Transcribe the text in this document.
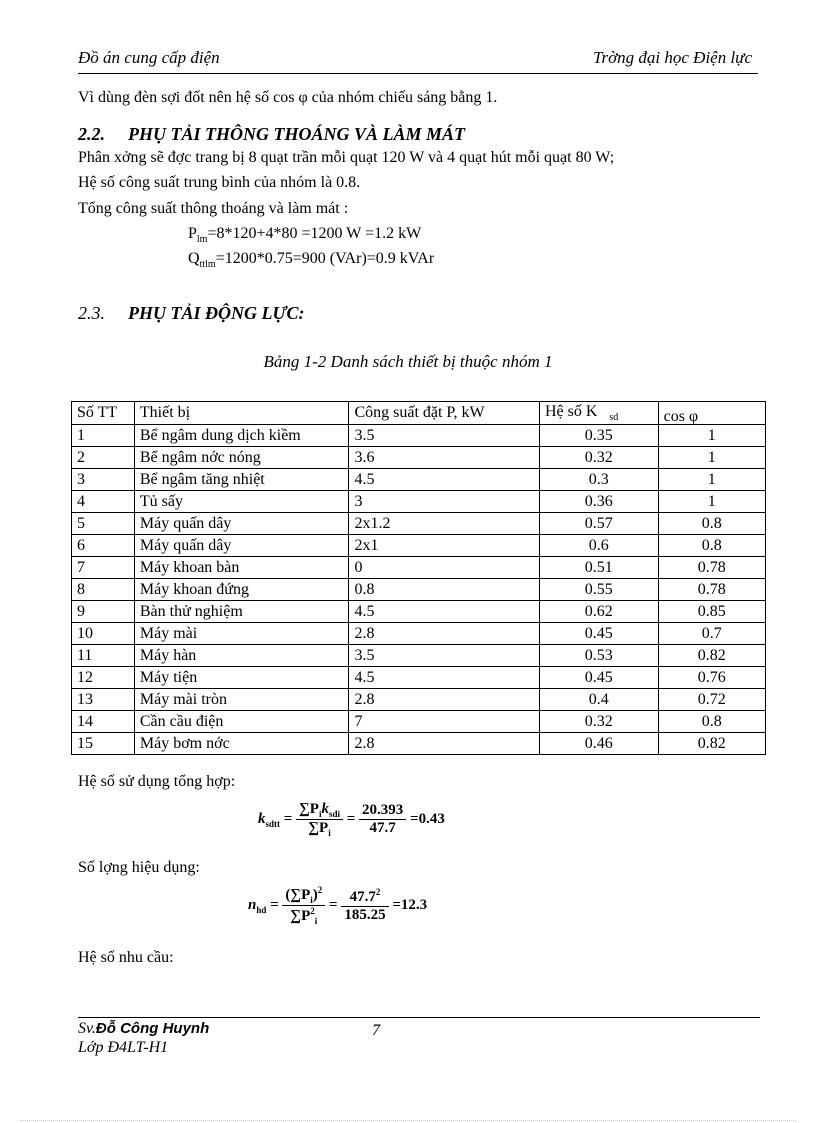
Đồ án cung cấp điện	Trờng đại học Điện lực
Vì dùng đèn sợi đốt nên hệ số cos φ của nhóm chiếu sáng bằng 1.
2.2. PHỤ TẢI THÔNG THOÁNG VÀ LÀM MÁT
Phân xởng sẽ đợc trang bị 8 quạt trần mỗi quạt 120 W và 4 quạt hút mỗi quạt 80 W;
Hệ số công suất trung bình của nhóm là 0.8.
Tổng công suất thông thoáng và làm mát :
$P_{lm}=8*120+4*80 =1200$ W =1.2 kW
$Q_{ttlm}=1200*0.75=900$ (VAr)=0.9 kVAr
2.3. PHỤ TẢI ĐỘNG LỰC:
Bảng 1-2 Danh sách thiết bị thuộc nhóm 1
Số TT	Thiết bị	Công suất đặt P, kW	Hệ số K $_{sd}$	cos φ
1	Bể ngâm dung dịch kiềm	3.5	0.35	1
2	Bể ngâm nớc nóng	3.6	0.32	1
3	Bể ngâm tăng nhiệt	4.5	0.3	1
4	Tủ sấy	3	0.36	1
5	Máy quấn dây	2x1.2	0.57	0.8
6	Máy quấn dây	2x1	0.6	0.8
7	Máy khoan bàn	0	0.51	0.78
8	Máy khoan đứng	0.8	0.55	0.78
9	Bàn thử nghiệm	4.5	0.62	0.85
10	Máy mài	2.8	0.45	0.7
11	Máy hàn	3.5	0.53	0.82
12	Máy tiện	4.5	0.45	0.76
13	Máy mài tròn	2.8	0.4	0.72
14	Cần cầu điện	7	0.32	0.8
15	Máy bơm nớc	2.8	0.46	0.82
Hệ số sử dụng tổng hợp:
$k_{sdtt} = \frac{\sum P_ik_{sdi}}{\sum P_i} = \frac{20.393}{47.7} =0.43$
Số lợng hiệu dụng:
$n_{hd} = \frac{(\sum P_i)^2}{\sum P^2_i} = \frac{47.7^2}{185.25} =12.3$
Hệ số nhu cầu:
Sv.Đỗ Công Huynh	7
Lớp Đ4LT-H1
